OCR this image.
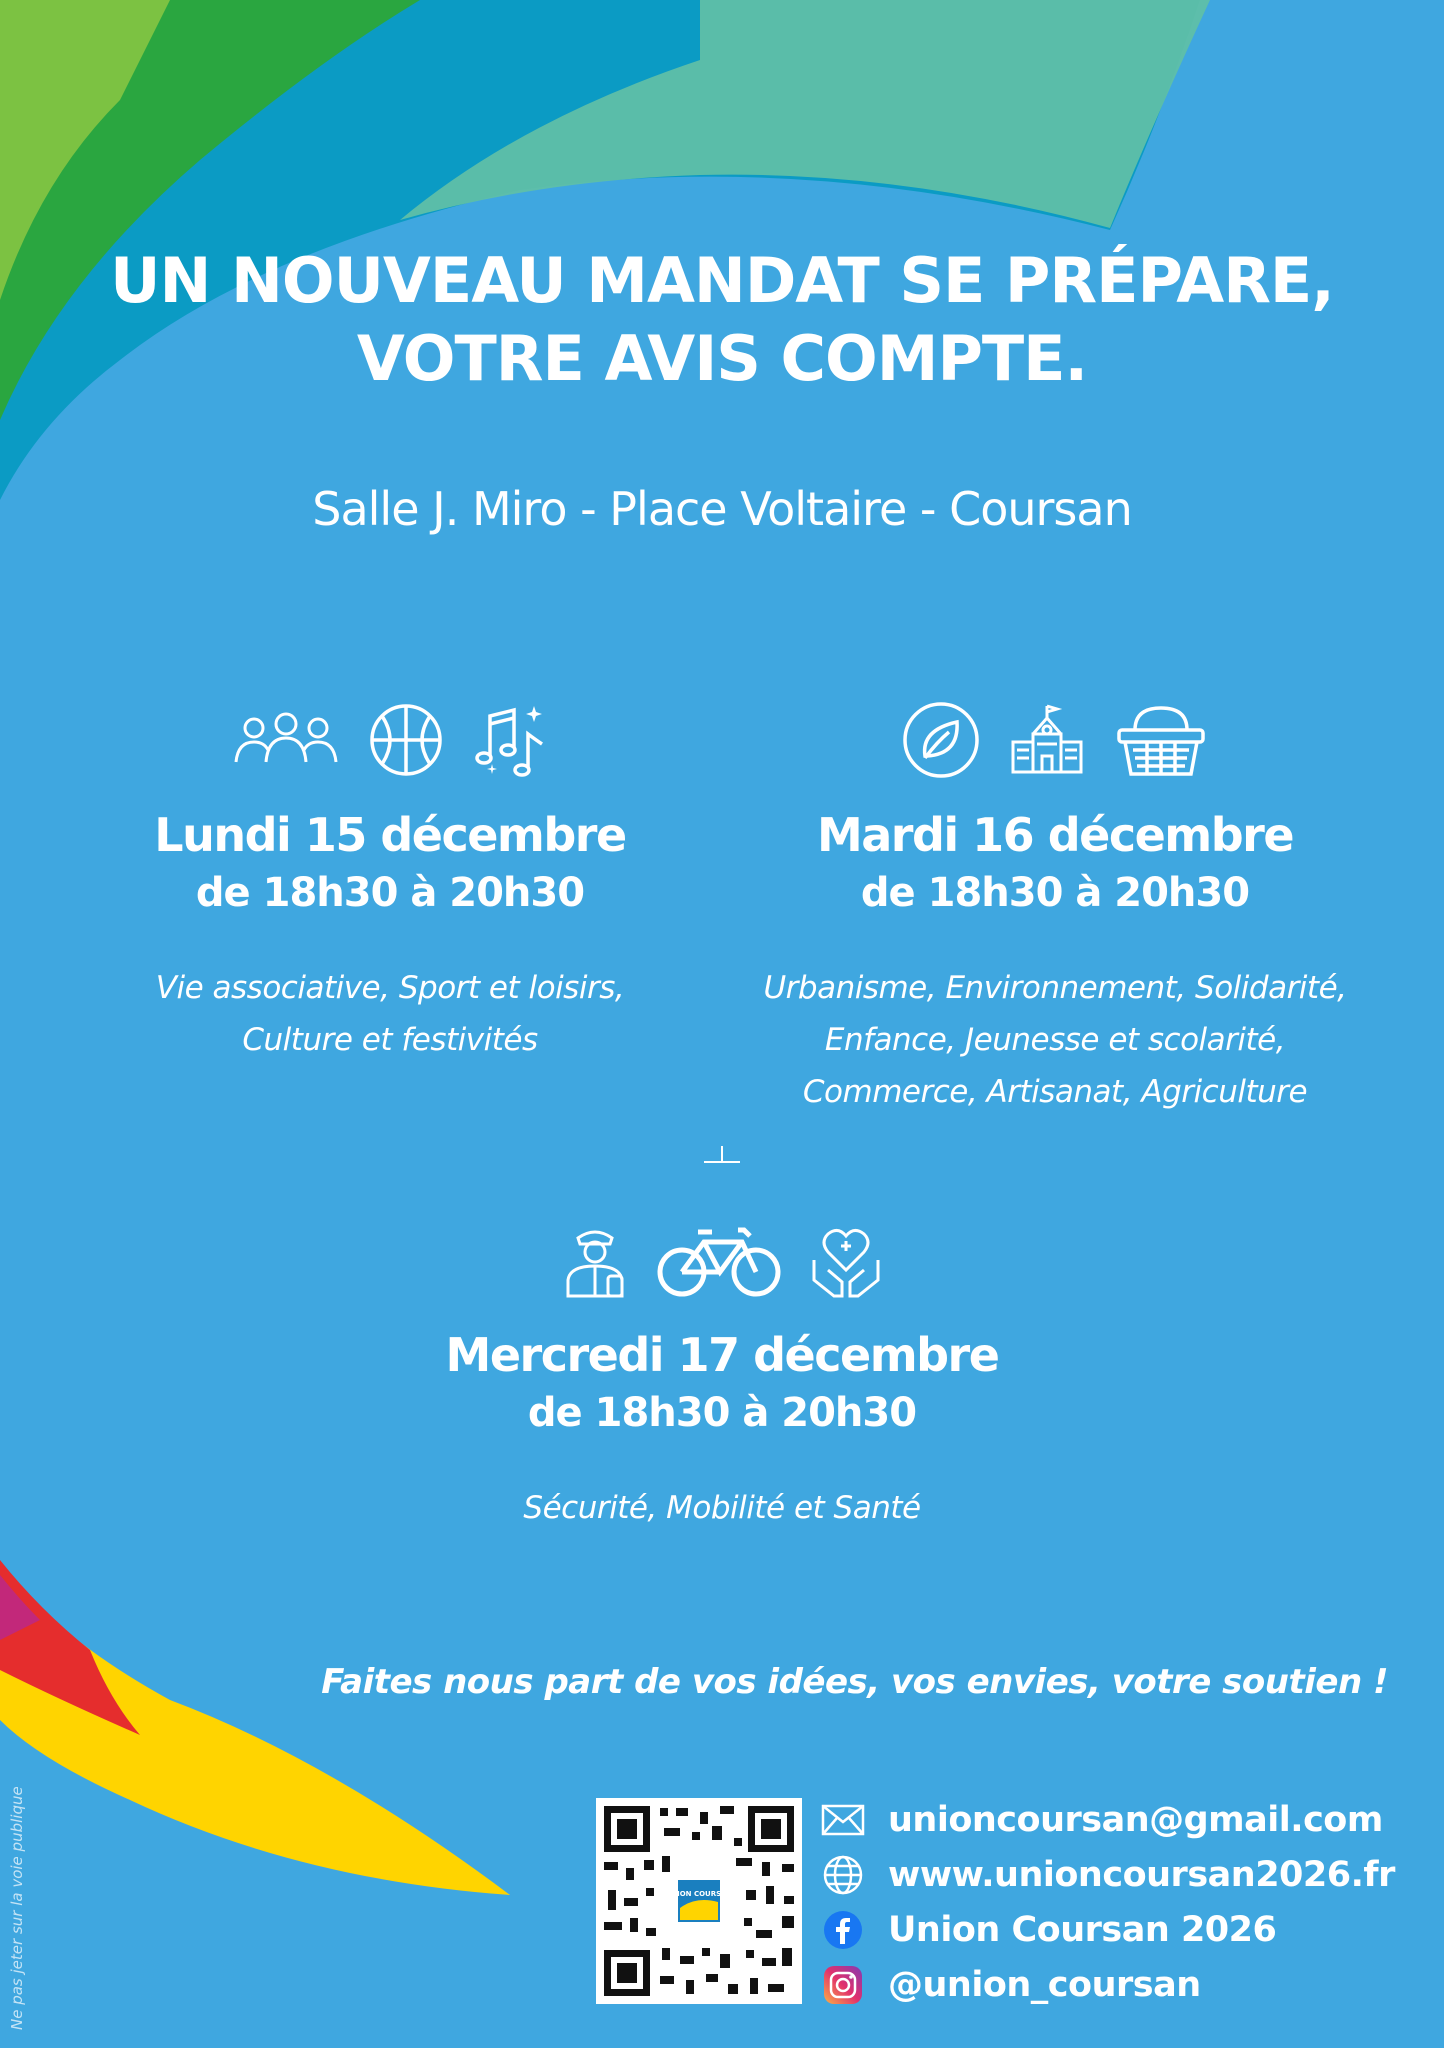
UN NOUVEAU MANDAT SE PRÉPARE,
VOTRE AVIS COMPTE.
Salle J. Miro - Place Voltaire - Coursan
Lundi 15 décembre
de 18h30 à 20h30
Vie associative, Sport et loisirs,
Culture et festivités
Mardi 16 décembre
de 18h30 à 20h30
Urbanisme, Environnement, Solidarité,
Enfance, Jeunesse et scolarité,
Commerce, Artisanat, Agriculture
Mercredi 17 décembre
de 18h30 à 20h30
Sécurité, Mobilité et Santé
Faites nous part de vos idées, vos envies, votre soutien !
UNION COURSAN
unioncoursan@gmail.com
www.unioncoursan2026.fr
Union Coursan 2026
@union_coursan
Ne pas jeter sur la voie publique
